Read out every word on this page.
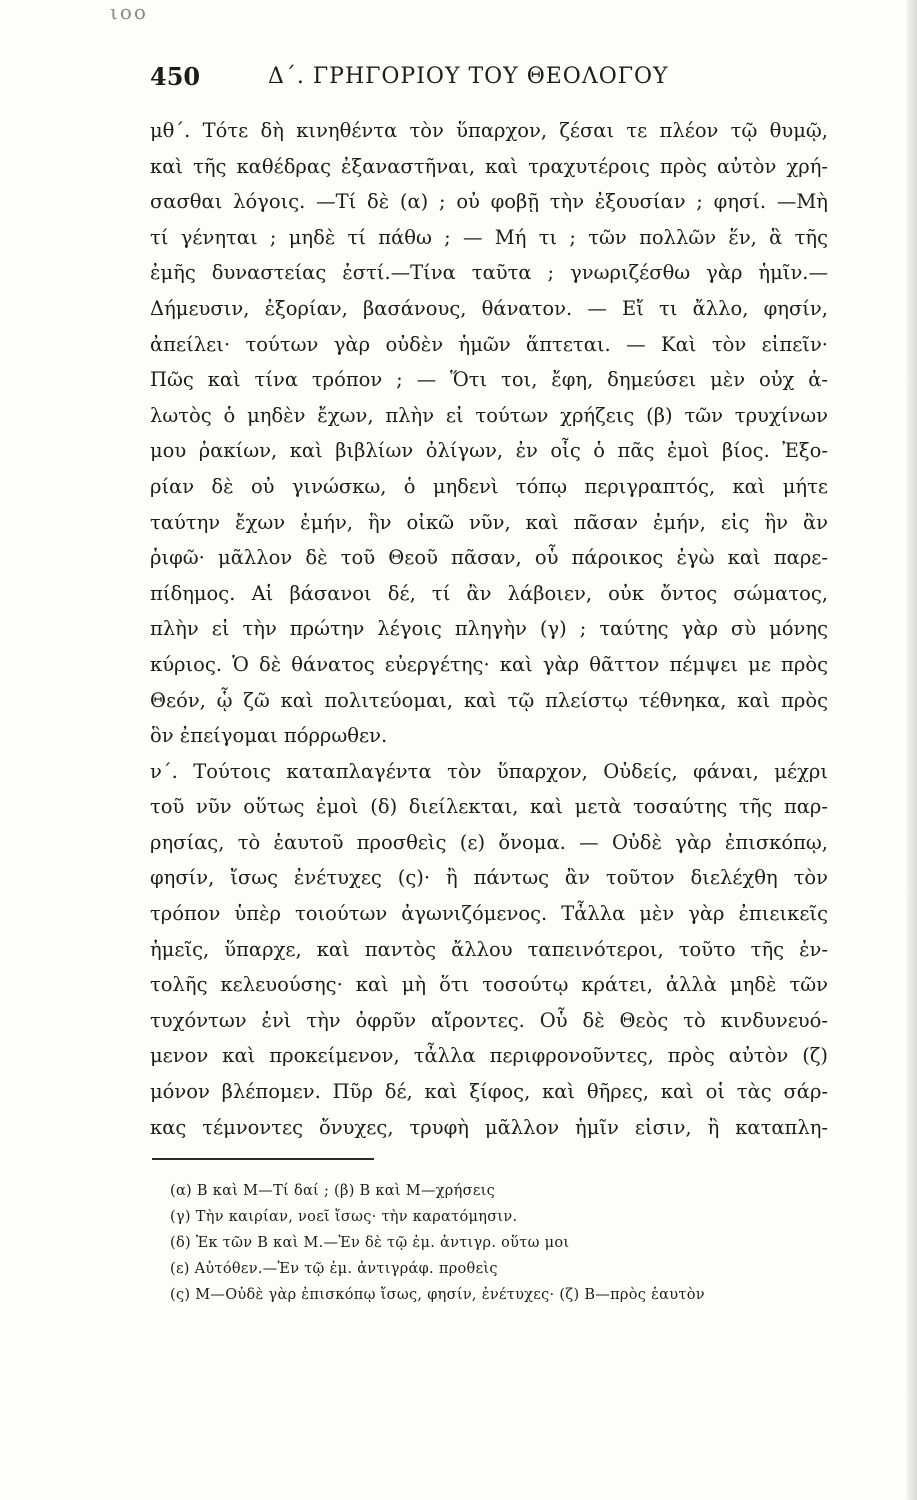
ιοο
450	Δ΄. ΓΡΗΓΟΡΙΟΥ ΤΟΥ ΘΕΟΛΟΓΟΥ
μθ΄. Τότε δὴ κινηθέντα τὸν ὕπαρχον, ζέσαι τε πλέον τῷ θυμῷ,
καὶ τῆς καθέδρας ἐξαναστῆναι, καὶ τραχυτέροις πρὸς αὐτὸν χρή-
σασθαι λόγοις. —Τί δὲ (α) ; οὐ φοβῇ τὴν ἐξουσίαν ; φησί. —Μὴ
τί γένηται ; μηδὲ τί πάθω ; — Μή τι ; τῶν πολλῶν ἕν, ἃ τῆς
ἐμῆς δυναστείας ἐστί.—Τίνα ταῦτα ; γνωριζέσθω γὰρ ἡμῖν.—
Δήμευσιν, ἐξορίαν, βασάνους, θάνατον. — Εἴ τι ἄλλο, φησίν,
ἀπείλει· τούτων γὰρ οὐδὲν ἡμῶν ἅπτεται. — Καὶ τὸν εἰπεῖν·
Πῶς καὶ τίνα τρόπον ; — Ὅτι τοι, ἔφη, δημεύσει μὲν οὐχ ἁ-
λωτὸς ὁ μηδὲν ἔχων, πλὴν εἰ τούτων χρήζεις (β) τῶν τρυχίνων
μου ῥακίων, καὶ βιβλίων ὀλίγων, ἐν οἷς ὁ πᾶς ἐμοὶ βίος. Ἐξο-
ρίαν δὲ οὐ γινώσκω, ὁ μηδενὶ τόπῳ περιγραπτός, καὶ μήτε
ταύτην ἔχων ἐμήν, ἣν οἰκῶ νῦν, καὶ πᾶσαν ἐμήν, εἰς ἣν ἂν
ῥιφῶ· μᾶλλον δὲ τοῦ Θεοῦ πᾶσαν, οὗ πάροικος ἐγὼ καὶ παρε-
πίδημος. Αἱ βάσανοι δέ, τί ἂν λάβοιεν, οὐκ ὄντος σώματος,
πλὴν εἰ τὴν πρώτην λέγοις πληγὴν (γ) ; ταύτης γὰρ σὺ μόνης
κύριος. Ὁ δὲ θάνατος εὐεργέτης· καὶ γὰρ θᾶττον πέμψει με πρὸς
Θεόν, ᾧ ζῶ καὶ πολιτεύομαι, καὶ τῷ πλείστῳ τέθνηκα, καὶ πρὸς
ὃν ἐπείγομαι πόρρωθεν.
ν΄. Τούτοις καταπλαγέντα τὸν ὕπαρχον, Οὐδείς, φάναι, μέχρι
τοῦ νῦν οὕτως ἐμοὶ (δ) διείλεκται, καὶ μετὰ τοσαύτης τῆς παρ-
ρησίας, τὸ ἑαυτοῦ προσθεὶς (ε) ὄνομα. — Οὐδὲ γὰρ ἐπισκόπῳ,
φησίν, ἴσως ἐνέτυχες (ς)· ἢ πάντως ἂν τοῦτον διελέχθη τὸν
τρόπον ὑπὲρ τοιούτων ἀγωνιζόμενος. Τἆλλα μὲν γὰρ ἐπιεικεῖς
ἡμεῖς, ὕπαρχε, καὶ παντὸς ἄλλου ταπεινότεροι, τοῦτο τῆς ἐν-
τολῆς κελευούσης· καὶ μὴ ὅτι τοσούτῳ κράτει, ἀλλὰ μηδὲ τῶν
τυχόντων ἐνὶ τὴν ὀφρῦν αἴροντες. Οὗ δὲ Θεὸς τὸ κινδυνευό-
μενον καὶ προκείμενον, τἆλλα περιφρονοῦντες, πρὸς αὐτὸν (ζ)
μόνον βλέπομεν. Πῦρ δέ, καὶ ξίφος, καὶ θῆρες, καὶ οἱ τὰς σάρ-
κας τέμνοντες ὄνυχες, τρυφὴ μᾶλλον ἡμῖν εἰσιν, ἢ καταπλη-
(α) Β καὶ Μ—Τί δαί ; (β) Β καὶ Μ—χρήσεις
(γ) Τὴν καιρίαν, νοεῖ ἴσως· τὴν καρατόμησιν.
(δ) Ἐκ τῶν Β καὶ Μ.—Ἐν δὲ τῷ ἐμ. ἀντιγρ. οὕτω μοι
(ε) Αὐτόθεν.—Ἐν τῷ ἐμ. ἀντιγράφ. προθεὶς
(ς) Μ—Οὐδὲ γὰρ ἐπισκόπῳ ἴσως, φησίν, ἐνέτυχες· (ζ) Β—πρὸς ἑαυτὸν
